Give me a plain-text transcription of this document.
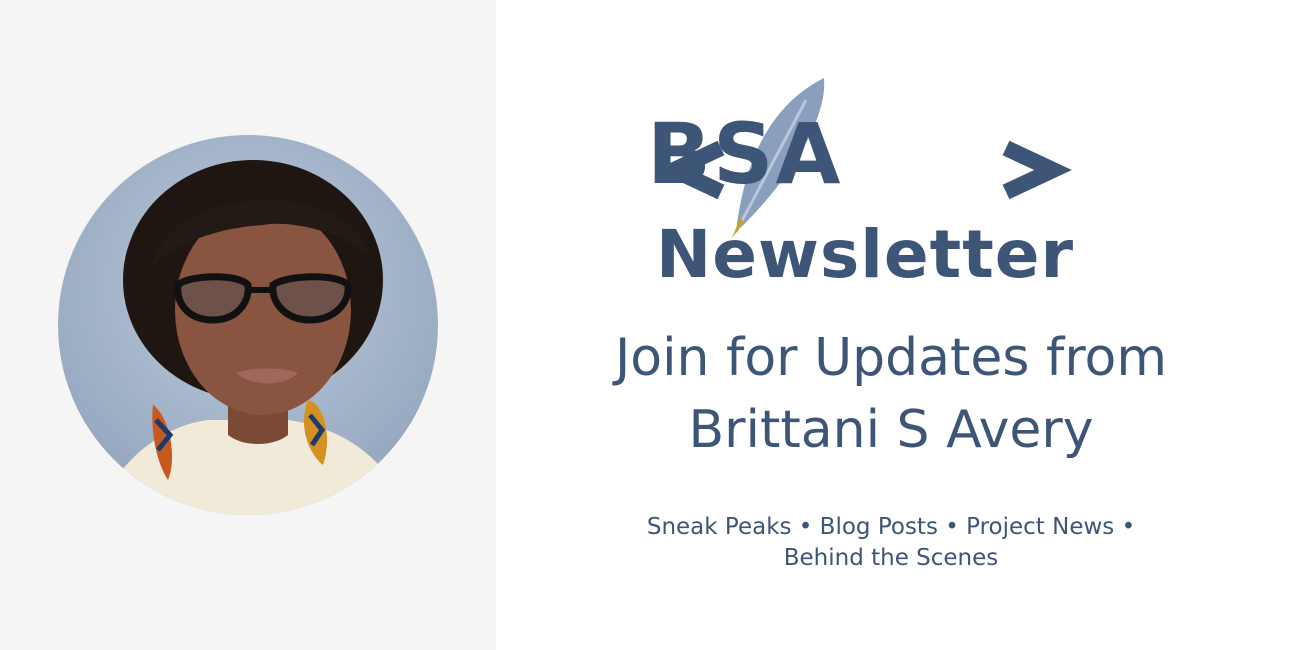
BSA
Newsletter
Join for Updates from
Brittani S Avery
Sneak Peaks • Blog Posts • Project News •
Behind the Scenes
